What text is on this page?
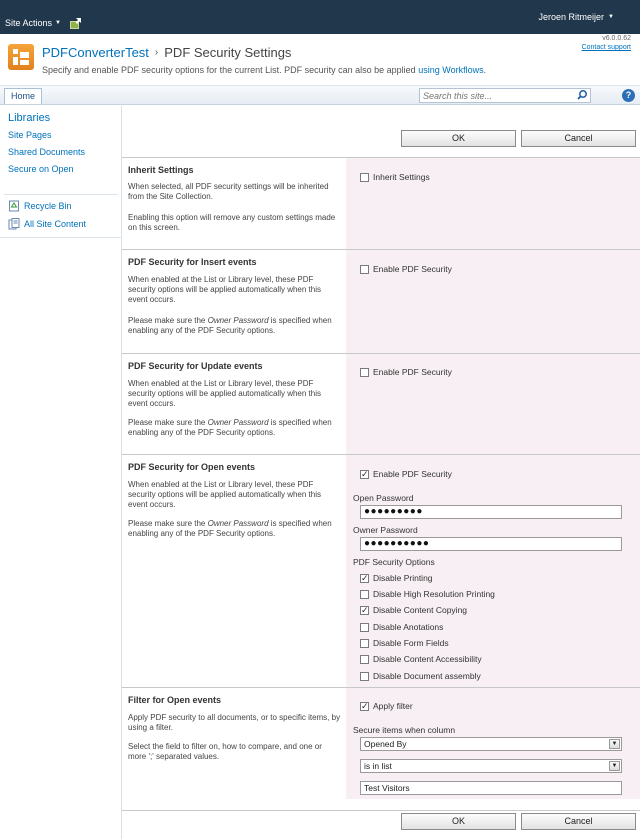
Site Actions ▼
Jeroen Ritmeijer ▼
PDFConverterTest › PDF Security Settings
Specify and enable PDF security options for the current List. PDF security can also be applied using Workflows.
v6.0.0.62
Contact support
Home
Search this site...	?
Libraries
Site Pages
Shared Documents
Secure on Open
Recycle Bin
All Site Content
OK	Cancel
Inherit Settings
When selected, all PDF security settings will be inherited from the Site Collection.
Enabling this option will remove any custom settings made on this screen.
Inherit Settings
PDF Security for Insert events
When enabled at the List or Library level, these PDF security options will be applied automatically when this event occurs.
Please make sure the Owner Password is specified when enabling any of the PDF Security options.
Enable PDF Security
PDF Security for Update events
When enabled at the List or Library level, these PDF security options will be applied automatically when this event occurs.
Please make sure the Owner Password is specified when enabling any of the PDF Security options.
Enable PDF Security
PDF Security for Open events
When enabled at the List or Library level, these PDF security options will be applied automatically when this event occurs.
Please make sure the Owner Password is specified when enabling any of the PDF Security options.
✓
Enable PDF Security
Open Password
●●●●●●●●●
Owner Password
●●●●●●●●●●
PDF Security Options
✓
Disable Printing
Disable High Resolution Printing
✓
Disable Content Copying
Disable Anotations
Disable Form Fields
Disable Content Accessibility
Disable Document assembly
Filter for Open events
Apply PDF security to all documents, or to specific items, by using a filter.
Select the field to filter on, how to compare, and one or more ';' separated values.
✓
Apply filter
Secure items when column
Opened By	▼
is in list	▼
Test Visitors
OK	Cancel
